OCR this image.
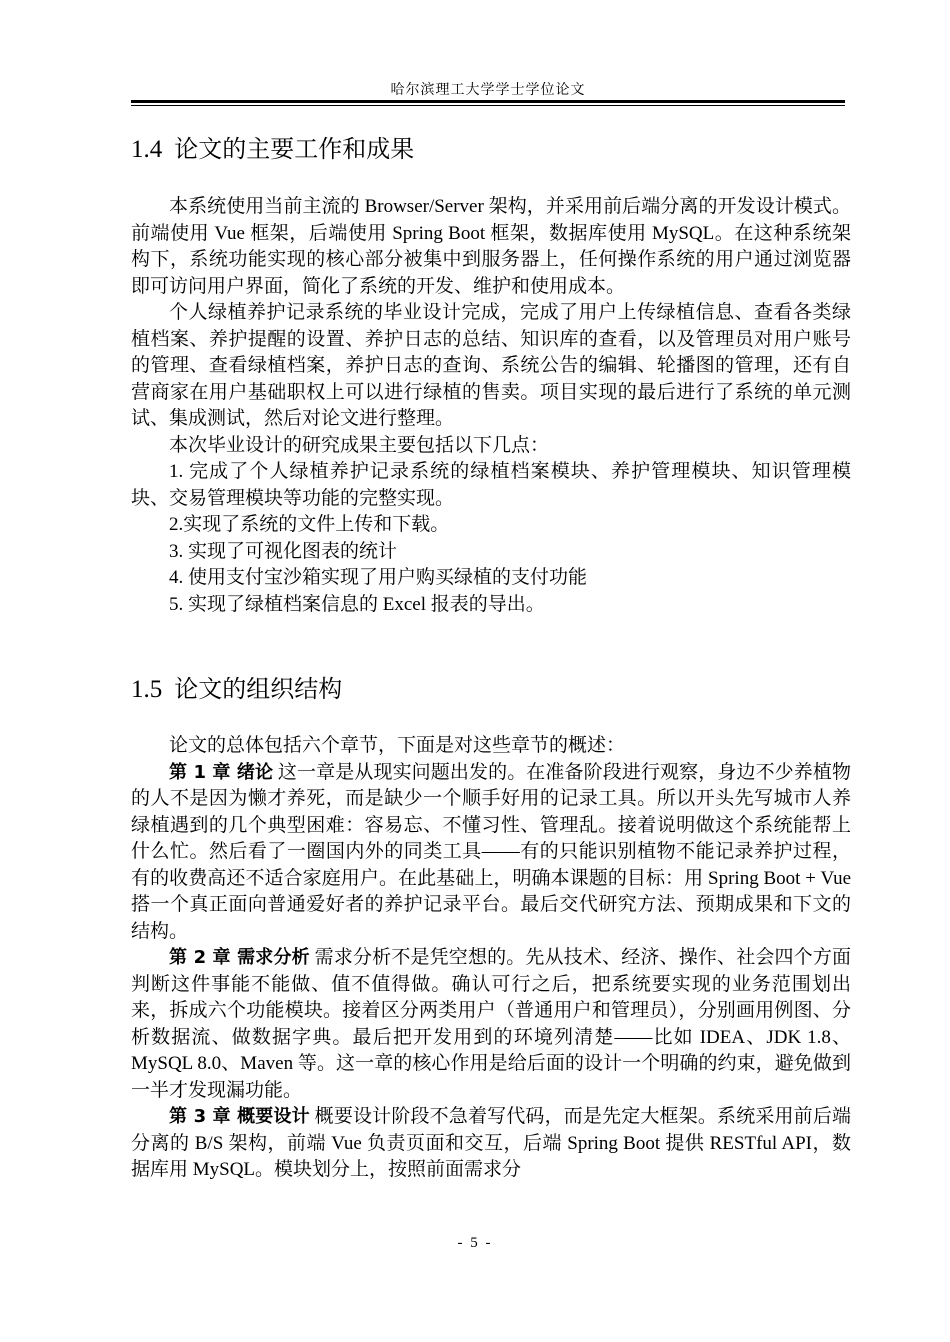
哈尔滨理工大学学士学位论文
1.4 论文的主要工作和成果

本系统使用当前主流的 Browser/Server 架构，并采用前后端分离的开发设计模式。前端使用 Vue 框架，后端使用 Spring Boot 框架，数据库使用 MySQL。在这种系统架构下，系统功能实现的核心部分被集中到服务器上，任何操作系统的用户通过浏览器即可访问用户界面，简化了系统的开发、维护和使用成本。

个人绿植养护记录系统的毕业设计完成，完成了用户上传绿植信息、查看各类绿植档案、养护提醒的设置、养护日志的总结、知识库的查看，以及管理员对用户账号的管理、查看绿植档案，养护日志的查询、系统公告的编辑、轮播图的管理，还有自营商家在用户基础职权上可以进行绿植的售卖。项目实现的最后进行了系统的单元测试、集成测试，然后对论文进行整理。

本次毕业设计的研究成果主要包括以下几点：

1. 完成了个人绿植养护记录系统的绿植档案模块、养护管理模块、知识管理模块、交易管理模块等功能的完整实现。

2.实现了系统的文件上传和下载。

3. 实现了可视化图表的统计

4. 使用支付宝沙箱实现了用户购买绿植的支付功能

5. 实现了绿植档案信息的 Excel 报表的导出。

1.5 论文的组织结构

论文的总体包括六个章节，下面是对这些章节的概述：

第 1 章 绪论 这一章是从现实问题出发的。在准备阶段进行观察，身边不少养植物的人不是因为懒才养死，而是缺少一个顺手好用的记录工具。所以开头先写城市人养绿植遇到的几个典型困难：容易忘、不懂习性、管理乱。接着说明做这个系统能帮上什么忙。然后看了一圈国内外的同类工具——有的只能识别植物不能记录养护过程，有的收费高还不适合家庭用户。在此基础上，明确本课题的目标：用 Spring Boot + Vue 搭一个真正面向普通爱好者的养护记录平台。最后交代研究方法、预期成果和下文的结构。

第 2 章 需求分析 需求分析不是凭空想的。先从技术、经济、操作、社会四个方面判断这件事能不能做、值不值得做。确认可行之后，把系统要实现的业务范围划出来，拆成六个功能模块。接着区分两类用户（普通用户和管理员），分别画用例图、分析数据流、做数据字典。最后把开发用到的环境列清楚——比如 IDEA、JDK 1.8、MySQL 8.0、Maven 等。这一章的核心作用是给后面的设计一个明确的约束，避免做到一半才发现漏功能。

第 3 章 概要设计 概要设计阶段不急着写代码，而是先定大框架。系统采用前后端分离的 B/S 架构，前端 Vue 负责页面和交互，后端 Spring Boot 提供 RESTful API，数据库用 MySQL。模块划分上，按照前面需求分

- 5 -
